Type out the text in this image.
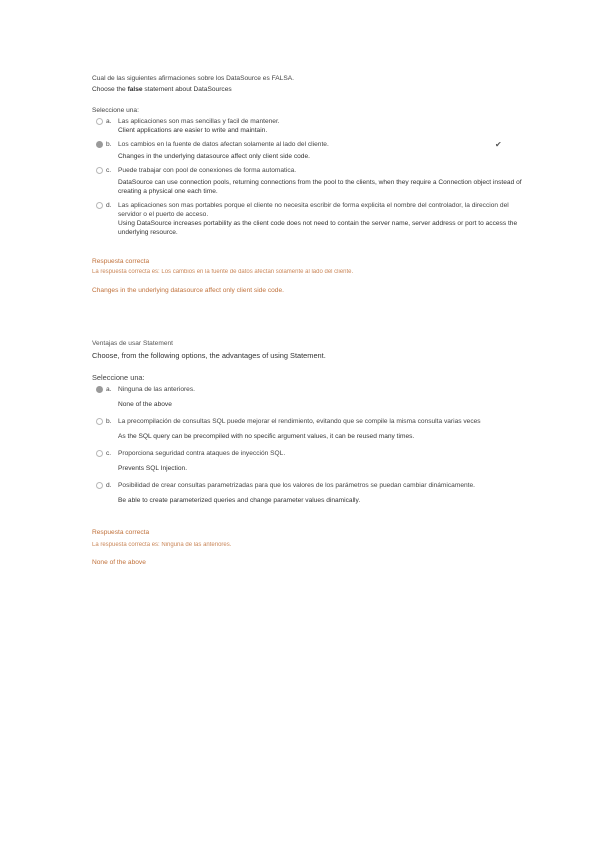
Cual de las siguientes afirmaciones sobre los DataSource es FALSA.
Choose the false statement about DataSources
Seleccione una:
a. Las aplicaciones son mas sencillas y facil de mantener.
Client applications are easier to write and maintain.
b. Los cambios en la fuente de datos afectan solamente al lado del cliente.
Changes in the underlying datasource affect only client side code.
✔
c. Puede trabajar con pool de conexiones de forma automatica.
DataSource can use connection pools, returning connections from the pool to the clients, when they require a Connection object instead of creating a physical one each time.
d. Las aplicaciones son mas portables porque el cliente no necesita escribir de forma explicita el nombre del controlador, la direccion del servidor o el puerto de acceso.
Using DataSource increases portability as the client code does not need to contain the server name, server address or port to access the underlying resource.
Respuesta correcta
La respuesta correcta es: Los cambios en la fuente de datos afectan solamente al lado del cliente.
Changes in the underlying datasource affect only client side code.
Ventajas de usar Statement
Choose, from the following options, the advantages of using Statement.
Seleccione una:
a. Ninguna de las anteriores.
None of the above
b. La precompilación de consultas SQL puede mejorar el rendimiento, evitando que se compile la misma consulta varias veces
As the SQL query can be precompiled with no specific argument values, it can be reused many times.
c. Proporciona seguridad contra ataques de inyección SQL.
Prevents SQL Injection.
d. Posibilidad de crear consultas parametrizadas para que los valores de los parámetros se puedan cambiar dinámicamente.
Be able to create parameterized queries and change parameter values dinamically.
Respuesta correcta
La respuesta correcta es: Ninguna de las anteriores.
None of the above
